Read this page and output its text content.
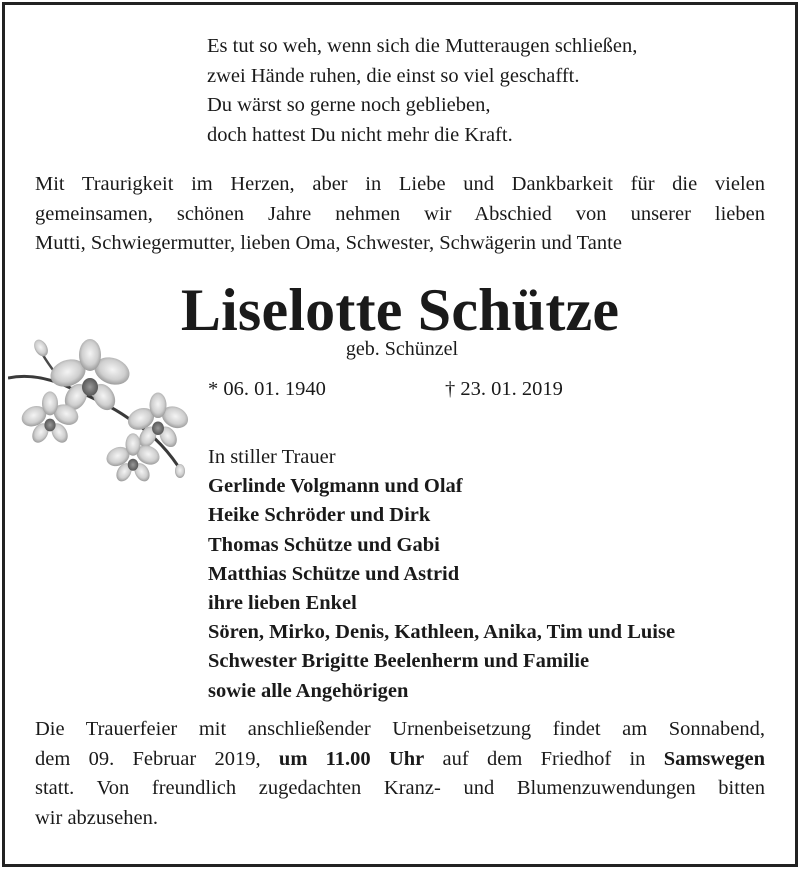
Es tut so weh, wenn sich die Mutteraugen schließen,
zwei Hände ruhen, die einst so viel geschafft.
Du wärst so gerne noch geblieben,
doch hattest Du nicht mehr die Kraft.
Mit Traurigkeit im Herzen, aber in Liebe und Dankbarkeit für die vielen
gemeinsamen, schönen Jahre nehmen wir Abschied von unserer lieben
Mutti, Schwiegermutter, lieben Oma, Schwester, Schwägerin und Tante
Liselotte Schütze
geb. Schünzel
* 06. 01. 1940	† 23. 01. 2019
In stiller Trauer
Gerlinde Volgmann und Olaf
Heike Schröder und Dirk
Thomas Schütze und Gabi
Matthias Schütze und Astrid
ihre lieben Enkel
Sören, Mirko, Denis, Kathleen, Anika, Tim und Luise
Schwester Brigitte Beelenherm und Familie
sowie alle Angehörigen
Die Trauerfeier mit anschließender Urnenbeisetzung findet am Sonnabend,
dem 09. Februar 2019, um 11.00 Uhr auf dem Friedhof in Samswegen
statt. Von freundlich zugedachten Kranz- und Blumenzuwendungen bitten
wir abzusehen.
